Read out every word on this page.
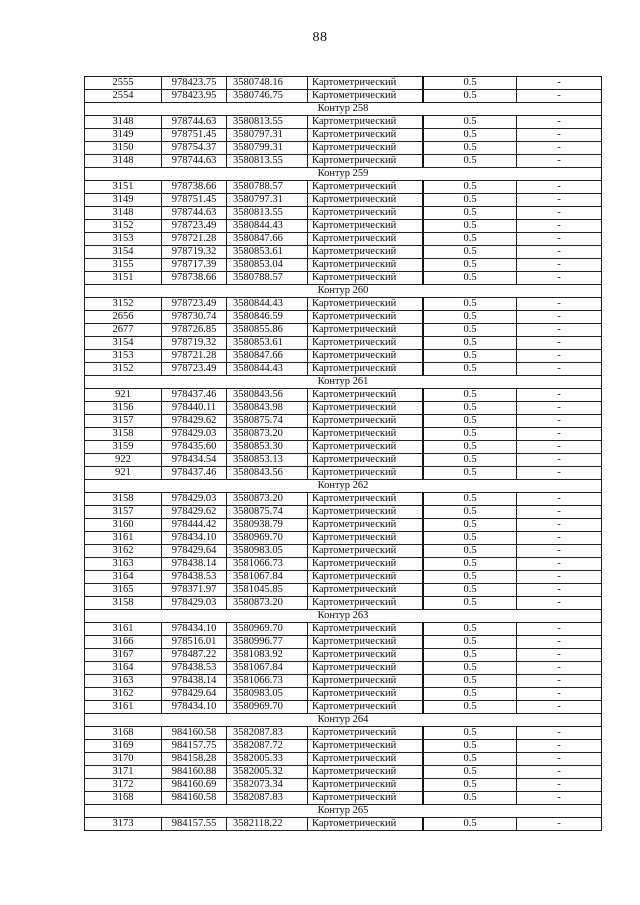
88
2555	978423.75	3580748.16	Картометрический	0.5	-
2554	978423.95	3580746.75	Картометрический	0.5	-
Контур 258					
3148	978744.63	3580813.55	Картометрический	0.5	-
3149	978751.45	3580797.31	Картометрический	0.5	-
3150	978754.37	3580799.31	Картометрический	0.5	-
3148	978744.63	3580813.55	Картометрический	0.5	-
Контур 259					
3151	978738.66	3580788.57	Картометрический	0.5	-
3149	978751.45	3580797.31	Картометрический	0.5	-
3148	978744.63	3580813.55	Картометрический	0.5	-
3152	978723.49	3580844.43	Картометрический	0.5	-
3153	978721.28	3580847.66	Картометрический	0.5	-
3154	978719.32	3580853.61	Картометрический	0.5	-
3155	978717.39	3580853.04	Картометрический	0.5	-
3151	978738.66	3580788.57	Картометрический	0.5	-
Контур 260					
3152	978723.49	3580844.43	Картометрический	0.5	-
2656	978730.74	3580846.59	Картометрический	0.5	-
2677	978726.85	3580855.86	Картометрический	0.5	-
3154	978719.32	3580853.61	Картометрический	0.5	-
3153	978721.28	3580847.66	Картометрический	0.5	-
3152	978723.49	3580844.43	Картометрический	0.5	-
Контур 261					
921	978437.46	3580843.56	Картометрический	0.5	-
3156	978440.11	3580843.98	Картометрический	0.5	-
3157	978429.62	3580875.74	Картометрический	0.5	-
3158	978429.03	3580873.20	Картометрический	0.5	-
3159	978435.60	3580853.30	Картометрический	0.5	-
922	978434.54	3580853.13	Картометрический	0.5	-
921	978437.46	3580843.56	Картометрический	0.5	-
Контур 262					
3158	978429.03	3580873.20	Картометрический	0.5	-
3157	978429.62	3580875.74	Картометрический	0.5	-
3160	978444.42	3580938.79	Картометрический	0.5	-
3161	978434.10	3580969.70	Картометрический	0.5	-
3162	978429.64	3580983.05	Картометрический	0.5	-
3163	978438.14	3581066.73	Картометрический	0.5	-
3164	978438.53	3581067.84	Картометрический	0.5	-
3165	978371.97	3581045.85	Картометрический	0.5	-
3158	978429.03	3580873.20	Картометрический	0.5	-
Контур 263					
3161	978434.10	3580969.70	Картометрический	0.5	-
3166	978516.01	3580996.77	Картометрический	0.5	-
3167	978487.22	3581083.92	Картометрический	0.5	-
3164	978438.53	3581067.84	Картометрический	0.5	-
3163	978438.14	3581066.73	Картометрический	0.5	-
3162	978429.64	3580983.05	Картометрический	0.5	-
3161	978434.10	3580969.70	Картометрический	0.5	-
Контур 264					
3168	984160.58	3582087.83	Картометрический	0.5	-
3169	984157.75	3582087.72	Картометрический	0.5	-
3170	984158.28	3582005.33	Картометрический	0.5	-
3171	984160.88	3582005.32	Картометрический	0.5	-
3172	984160.69	3582073.34	Картометрический	0.5	-
3168	984160.58	3582087.83	Картометрический	0.5	-
Контур 265					
3173	984157.55	3582118.22	Картометрический	0.5	-
